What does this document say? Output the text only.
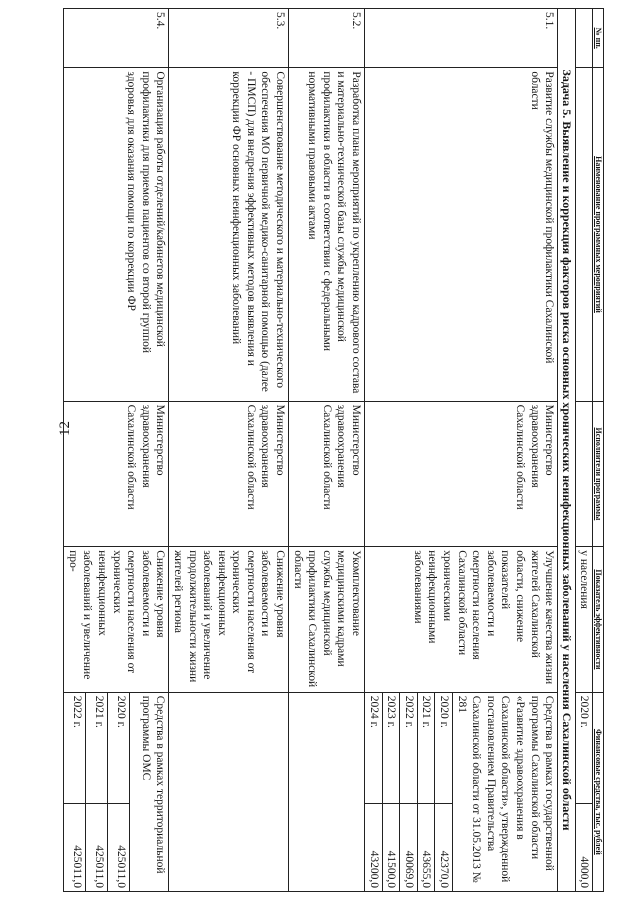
12
№ пп.	Наименование программных мероприятий	Исполнители программы	Показатель эффективности	Финансовые средства, тыс. рублей	
			у населения	2020 г.	4000,0
Задача 5. Выявление и коррекция факторов риска основных хронических неинфекционных заболеваний у населения Сахалинской области					
5.1.	Развитие службы медицинской профилактики Сахалинской области	Министерство здравоохранения Сахалинской области	Улучшение качества жизни жителей Сахалинской области, снижение показателей заболеваемости и смертности населения Сахалинской области хроническими неинфекционными заболеваниями	Средства в рамках государственной программы Сахалинской области «Развитие здравоохранения в Сахалинской области», утвержденной постановлением Правительства Сахалинской области от 31.05.2013 № 281	
				2020 г.	42370,0
				2021 г.	43655,0
				2022 г.	40069,0
				2023 г.	41500,0
				2024 г.	43200,0
5.2.	Разработка плана мероприятий по укреплению кадрового состава и материально-технической базы службы медицинской профилактики в области в соответствии с федеральными нормативными правовыми актами	Министерство здравоохранения Сахалинской области	Укомплектование медицинскими кадрами службы медицинской профилактики Сахалинской области		
5.3.	Совершенствование методического и материально-технического обеспечения МО первичной медико-санитарной помощью (далее - ПМСП) для внедрения эффективных методов выявления и коррекции ФР основных неинфекционных заболеваний	Министерство здравоохранения Сахалинской области	Снижение уровня заболеваемости и смертности населения от хронических неинфекционных заболеваний и увеличение продолжительности жизни жителей региона		
5.4.	Организация работы отделений/кабинетов медицинской профилактики для приемов пациентов со второй группой здоровья для оказания помощи по коррекции ФР	Министерство здравоохранения Сахалинской области	Снижение уровня заболеваемости и смертности населения от хронических неинфекционных заболеваний и увеличение про-	Средства в рамках территориальной программы ОМС	
				2020 г.	425011,0
				2021 г.	425011,0
				2022 г.	425011,0
